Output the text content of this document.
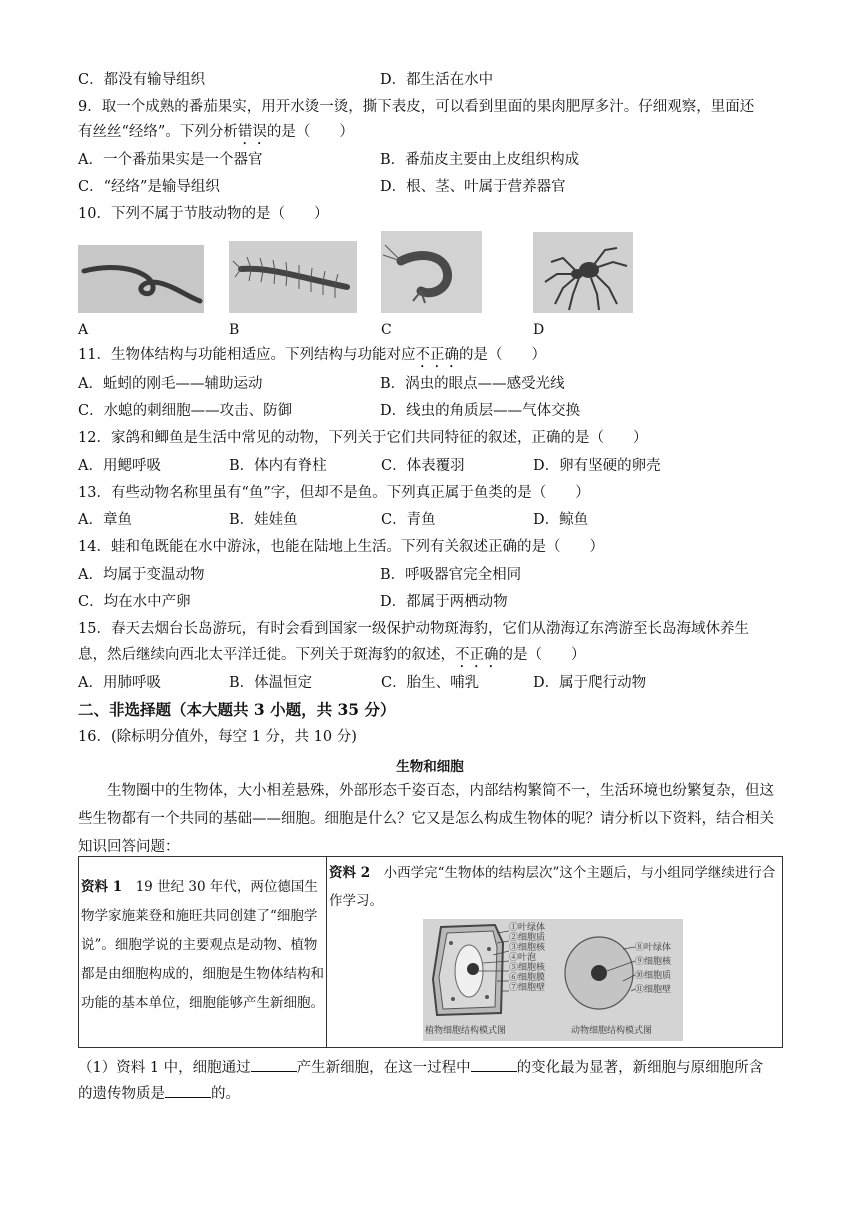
C．都没有输导组织	D．都生活在水中
9．取一个成熟的番茄果实，用开水烫一烫，撕下表皮，可以看到里面的果肉肥厚多汁。仔细观察，里面还
有丝丝“经络”。下列分析错误的是（　　）
A．一个番茄果实是一个器官	B．番茄皮主要由上皮组织构成
C．“经络”是输导组织	D．根、茎、叶属于营养器官
10．下列不属于节肢动物的是（　　）
A	B	C	D
11．生物体结构与功能相适应。下列结构与功能对应不正确的是（　　）
A．蚯蚓的刚毛——辅助运动	B．涡虫的眼点——感受光线
C．水螅的刺细胞——攻击、防御	D．线虫的角质层——气体交换
12．家鸽和鲫鱼是生活中常见的动物，下列关于它们共同特征的叙述，正确的是（　　）
A．用鳃呼吸	B．体内有脊柱	C．体表覆羽	D．卵有坚硬的卵壳
13．有些动物名称里虽有“鱼”字，但却不是鱼。下列真正属于鱼类的是（　　）
A．章鱼	B．娃娃鱼	C．青鱼	D．鲸鱼
14．蛙和龟既能在水中游泳，也能在陆地上生活。下列有关叙述正确的是（　　）
A．均属于变温动物	B．呼吸器官完全相同
C．均在水中产卵	D．都属于两栖动物
15．春天去烟台长岛游玩，有时会看到国家一级保护动物斑海豹，它们从渤海辽东湾游至长岛海域休养生
息，然后继续向西北太平洋迁徙。下列关于斑海豹的叙述，不正确的是（　　）
A．用肺呼吸	B．体温恒定	C．胎生、哺乳	D．属于爬行动物
二、非选择题（本大题共 3 小题，共 35 分）
16．(除标明分值外，每空 1 分，共 10 分)
生物和细胞
生物圈中的生物体，大小相差悬殊，外部形态千姿百态，内部结构繁简不一，生活环境也纷繁复杂，但这些生物都有一个共同的基础——细胞。细胞是什么？它又是怎么构成生物体的呢？请分析以下资料，结合相关知识回答问题：
资料 1　19 世纪 30 年代，两位德国生物学家施莱登和施旺共同创建了“细胞学说”。细胞学说的主要观点是动物、植物都是由细胞构成的，细胞是生物体结构和功能的基本单位，细胞能够产生新细胞。

资料 2　小西学完“生物体的结构层次”这个主题后，与小组同学继续进行合作学习。
①叶绿体
②细胞质
③细胞核
④叶泡
⑤细胞核
⑥细胞膜
⑦细胞壁
⑧叶绿体
⑨细胞核
⑩细胞质
⑪细胞壁
植物细胞结构模式图	动物细胞结构模式图
（1）资料 1 中，细胞通过	产生新细胞，在这一过程中	的变化最为显著，新细胞与原细胞所含
的遗传物质是	的。
